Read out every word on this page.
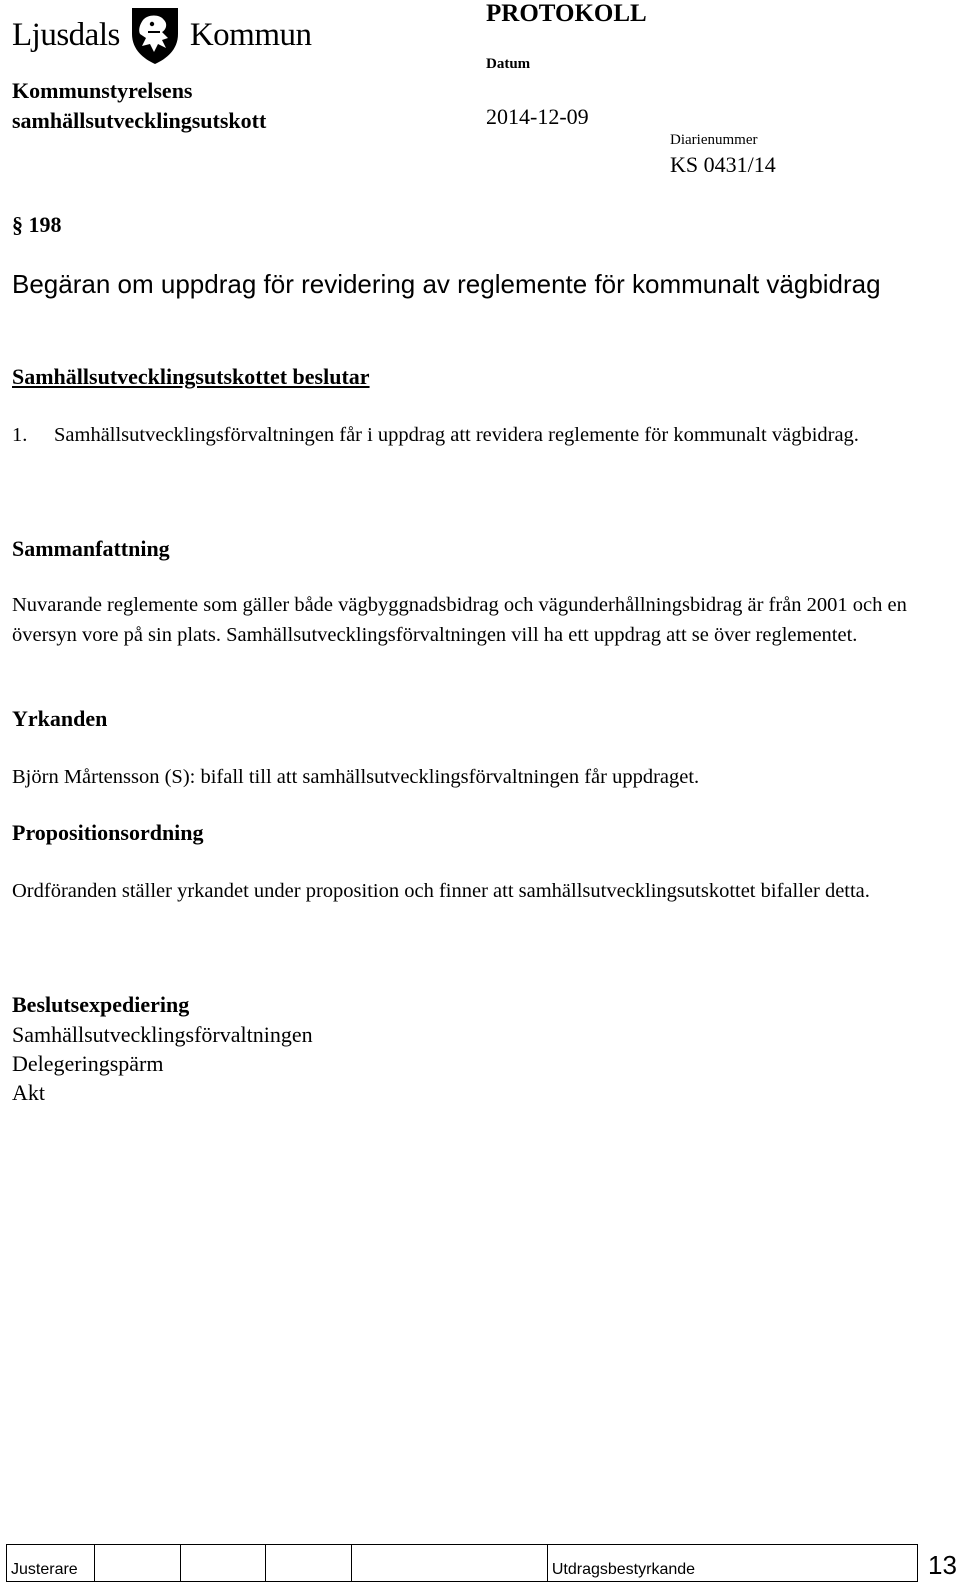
Ljusdals Kommun
PROTOKOLL
Kommunstyrelsens
samhällsutvecklingsutskott
Datum
2014-12-09
Diarienummer
KS 0431/14
§ 198
Begäran om uppdrag för revidering av reglemente för kommunalt vägbidrag
Samhällsutvecklingsutskottet beslutar
1.	Samhällsutvecklingsförvaltningen får i uppdrag att revidera reglemente för kommunalt vägbidrag.
Sammanfattning
Nuvarande reglemente som gäller både vägbyggnadsbidrag och vägunderhållningsbidrag är från 2001 och en översyn vore på sin plats. Samhällsutvecklingsförvaltningen vill ha ett uppdrag att se över reglementet.
Yrkanden
Björn Mårtensson (S): bifall till att samhällsutvecklingsförvaltningen får uppdraget.
Propositionsordning
Ordföranden ställer yrkandet under proposition och finner att samhällsutvecklingsutskottet bifaller detta.
Beslutsexpediering
Samhällsutvecklingsförvaltningen
Delegeringspärm
Akt
Justerare	Utdragsbestyrkande	13
